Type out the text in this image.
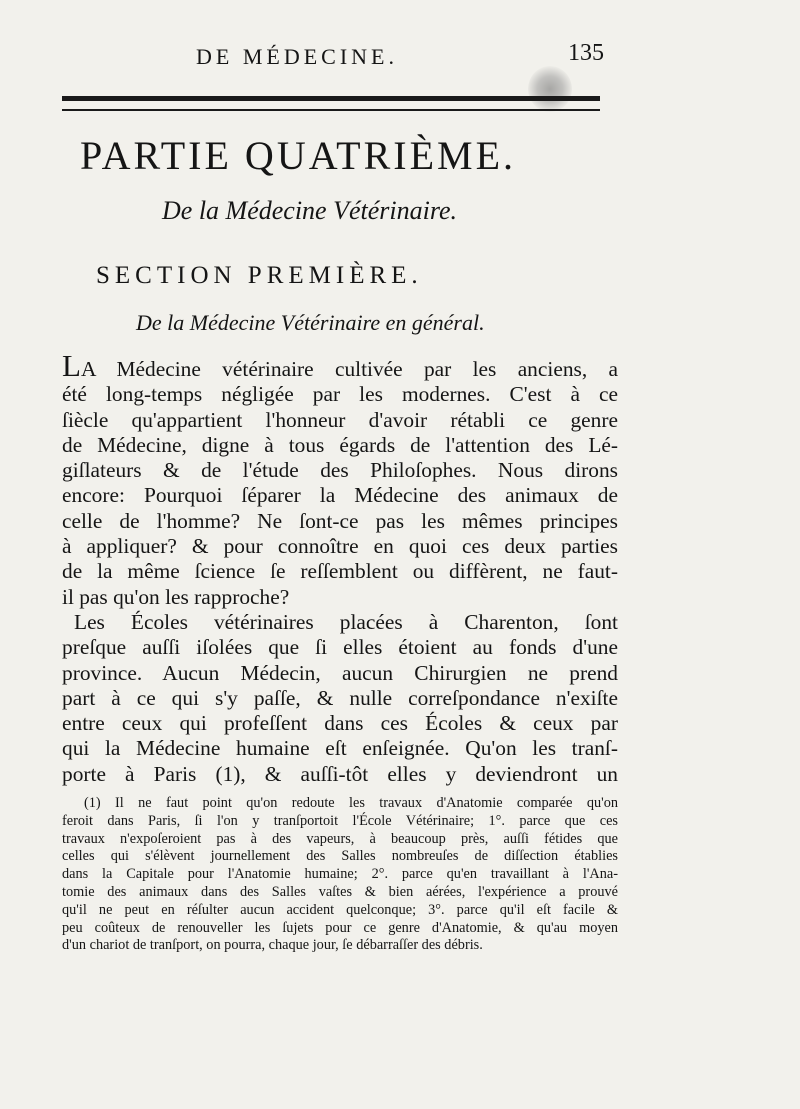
DE MÉDECINE.	135
PARTIE QUATRIÈME.
De la Médecine Vétérinaire.
SECTION PREMIÈRE.
De la Médecine Vétérinaire en général.
LA Médecine vétérinaire cultivée par les anciens, a
été long-temps négligée par les modernes. C'est à ce
ſiècle qu'appartient l'honneur d'avoir rétabli ce genre
de Médecine, digne à tous égards de l'attention des Lé-
giſlateurs & de l'étude des Philoſophes. Nous dirons
encore: Pourquoi ſéparer la Médecine des animaux de
celle de l'homme? Ne ſont-ce pas les mêmes principes
à appliquer? & pour connoître en quoi ces deux parties
de la même ſcience ſe reſſemblent ou diffèrent, ne faut-
il pas qu'on les rapproche?
Les Écoles vétérinaires placées à Charenton, ſont
preſque auſſi iſolées que ſi elles étoient au fonds d'une
province. Aucun Médecin, aucun Chirurgien ne prend
part à ce qui s'y paſſe, & nulle correſpondance n'exiſte
entre ceux qui profeſſent dans ces Écoles & ceux par
qui la Médecine humaine eſt enſeignée. Qu'on les tranſ-
porte à Paris (1), & auſſi-tôt elles y deviendront un
(1) Il ne faut point qu'on redoute les travaux d'Anatomie comparée qu'on
feroit dans Paris, ſi l'on y tranſportoit l'École Vétérinaire; 1°. parce que ces
travaux n'expoſeroient pas à des vapeurs, à beaucoup près, auſſi fétides que
celles qui s'élèvent journellement des Salles nombreuſes de diſſection établies
dans la Capitale pour l'Anatomie humaine; 2°. parce qu'en travaillant à l'Ana-
tomie des animaux dans des Salles vaſtes & bien aérées, l'expérience a prouvé
qu'il ne peut en réſulter aucun accident quelconque; 3°. parce qu'il eſt facile &
peu coûteux de renouveller les ſujets pour ce genre d'Anatomie, & qu'au moyen
d'un chariot de tranſport, on pourra, chaque jour, ſe débarraſſer des débris.
